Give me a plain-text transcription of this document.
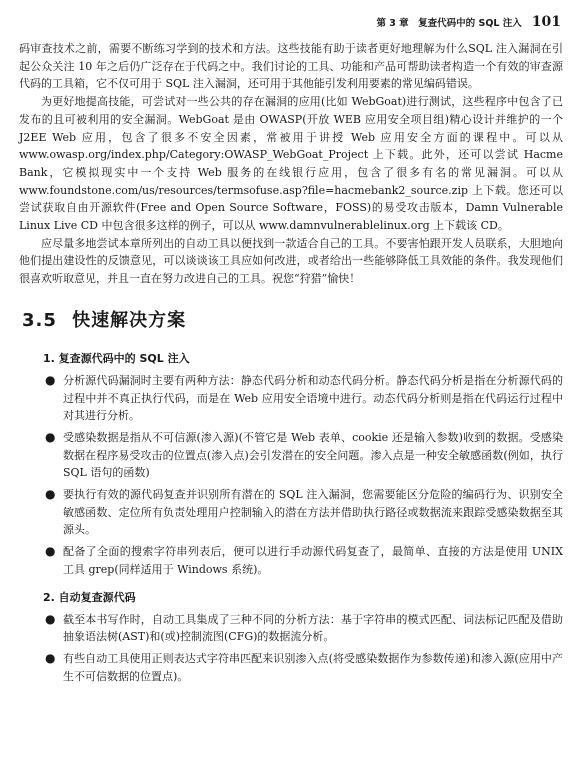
第 3 章　复查代码中的 SQL 注入 101

码审查技术之前，需要不断练习学到的技术和方法。这些技能有助于读者更好地理解为什么SQL 注入漏洞在引起公众关注 10 年之后仍广泛存在于代码之中。我们讨论的工具、功能和产品可帮助读者构造一个有效的审查源代码的工具箱，它不仅可用于 SQL 注入漏洞，还可用于其他能引发利用要素的常见编码错误。

为更好地提高技能，可尝试对一些公共的存在漏洞的应用(比如 WebGoat)进行测试，这些程序中包含了已发布的且可被利用的安全漏洞。WebGoat 是由 OWASP(开放 WEB 应用安全项目组)精心设计并维护的一个 J2EE Web 应用，包含了很多不安全因素，常被用于讲授 Web 应用安全方面的课程中。可以从 www.owasp.org/index.php/Category:OWASP_WebGoat_Project 上下载。此外，还可以尝试 Hacme Bank，它模拟现实中一个支持 Web 服务的在线银行应用，包含了很多有名的常见漏洞。可以从 www.foundstone.com/us/resources/termsofuse.asp?file=hacmebank2_source.zip 上下载。您还可以尝试获取自由开源软件(Free and Open Source Software，FOSS)的易受攻击版本，Damn Vulnerable Linux Live CD 中包含很多这样的例子，可以从 www.damnvulnerablelinux.org 上下载该 CD。

应尽量多地尝试本章所列出的自动工具以便找到一款适合自己的工具。不要害怕跟开发人员联系，大胆地向他们提出建设性的反馈意见，可以谈谈该工具应如何改进，或者给出一些能够降低工具效能的条件。我发现他们很喜欢听取意见，并且一直在努力改进自己的工具。祝您“狩猎”愉快！

3.5 快速解决方案
1. 复查源代码中的 SQL 注入
● 分析源代码漏洞时主要有两种方法：静态代码分析和动态代码分析。静态代码分析是指在分析源代码的过程中并不真正执行代码，而是在 Web 应用安全语境中进行。动态代码分析则是指在代码运行过程中对其进行分析。
● 受感染数据是指从不可信源(渗入源)(不管它是 Web 表单、cookie 还是输入参数)收到的数据。受感染数据在程序易受攻击的位置点(渗入点)会引发潜在的安全问题。渗入点是一种安全敏感函数(例如，执行 SQL 语句的函数)
● 要执行有效的源代码复查并识别所有潜在的 SQL 注入漏洞，您需要能区分危险的编码行为、识别安全敏感函数、定位所有负责处理用户控制输入的潜在方法并借助执行路径或数据流来跟踪受感染数据至其源头。
● 配备了全面的搜索字符串列表后，便可以进行手动源代码复查了，最简单、直接的方法是使用 UNIX 工具 grep(同样适用于 Windows 系统)。
2. 自动复查源代码
● 截至本书写作时，自动工具集成了三种不同的分析方法：基于字符串的模式匹配、词法标记匹配及借助抽象语法树(AST)和(或)控制流图(CFG)的数据流分析。
● 有些自动工具使用正则表达式字符串匹配来识别渗入点(将受感染数据作为参数传递)和渗入源(应用中产生不可信数据的位置点)。
